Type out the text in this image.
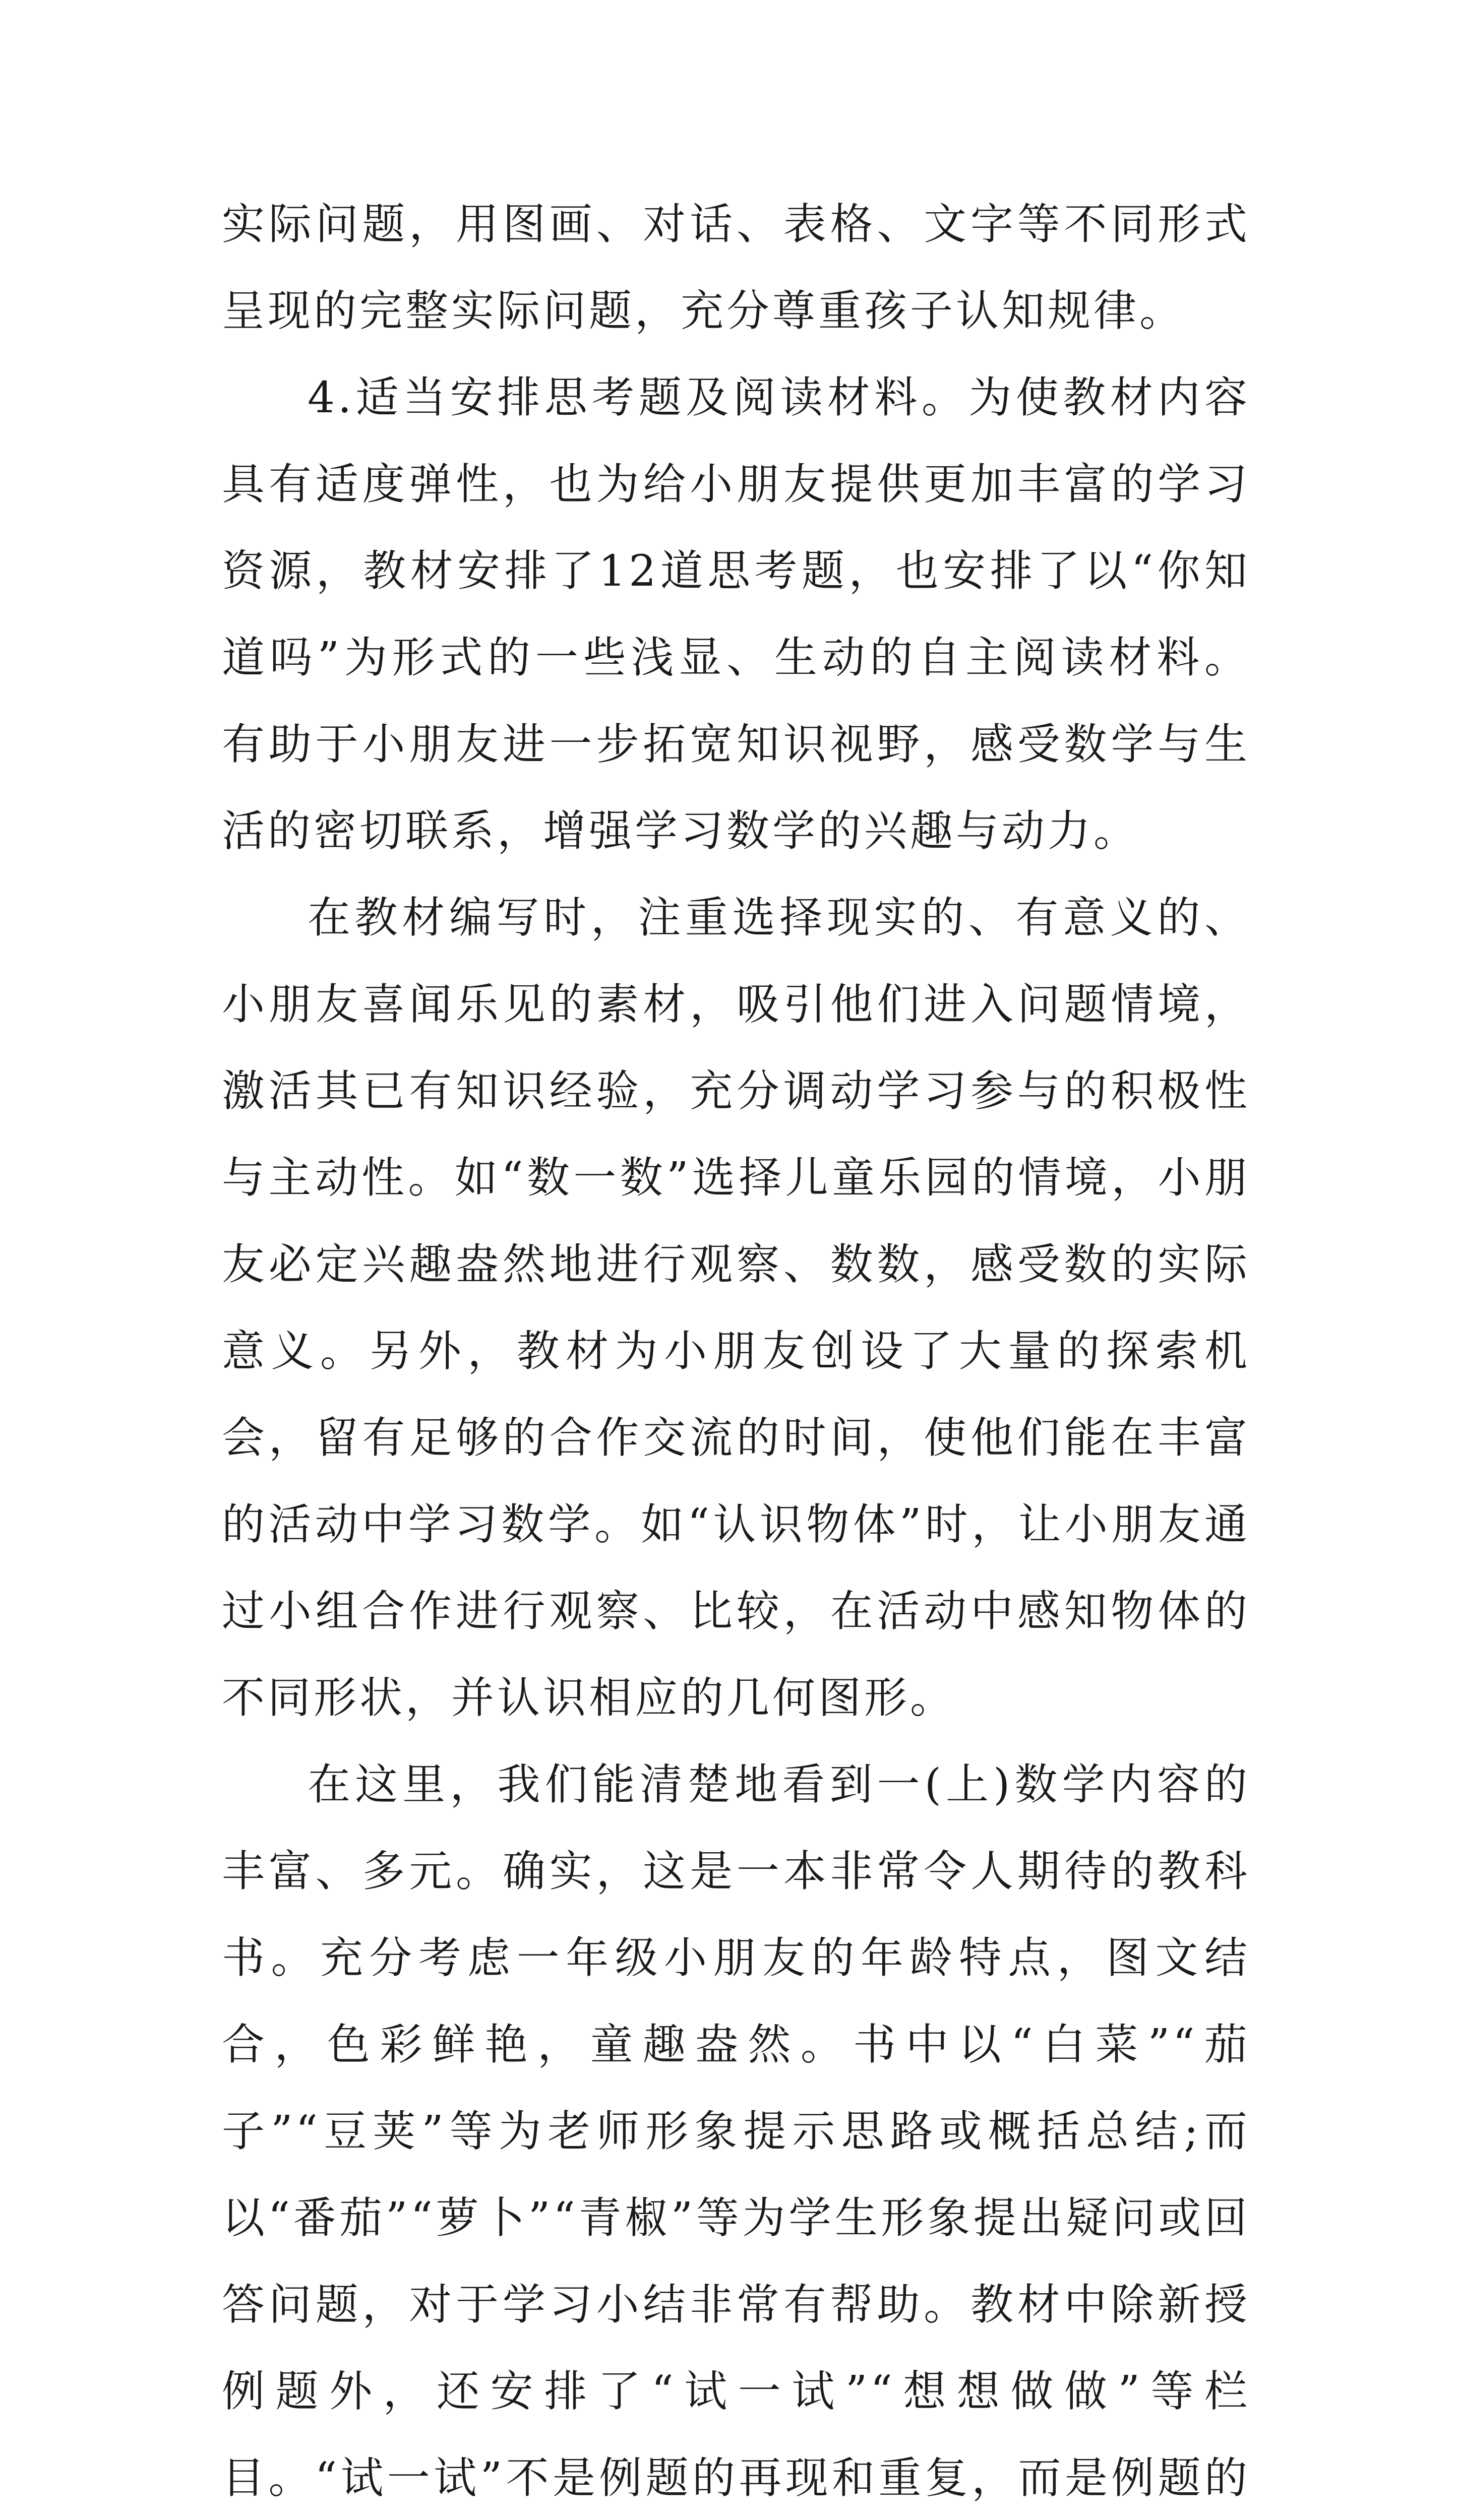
实际问题，用图画、对话、表格、文字等不同形式呈现的完整实际问题，充分尊重孩子认知规律。

4.适当安排思考题及阅读材料。为使教材内容具有适度弹性，也为给小朋友提供更加丰富的学习资源，教材安排了12道思考题，也安排了以“你知道吗”为形式的一些浅显、生动的自主阅读材料。有助于小朋友进一步拓宽知识视野，感受数学与生活的密切联系，增强学习数学的兴趣与动力。

在教材编写时，注重选择现实的、有意义的、小朋友喜闻乐见的素材，吸引他们进入问题情境，激活其已有知识经验，充分调动学习参与的积极性与主动性。如“数一数”选择儿童乐园的情境，小朋友必定兴趣盎然地进行观察、数数，感受数的实际意义。另外，教材为小朋友创设了大量的探索机会，留有足够的合作交流的时间，使他们能在丰富的活动中学习数学。如“认识物体”时，让小朋友通过小组合作进行观察、比较，在活动中感知物体的不同形状，并认识相应的几何图形。

在这里，我们能清楚地看到一(上)数学内容的丰富、多元。确实，这是一本非常令人期待的教科书。充分考虑一年级小朋友的年龄特点，图文结合，色彩鲜艳，童趣盎然。书中以“白菜”“茄子”“豆荚”等为老师形象提示思路或概括总结;而以“番茄”“萝卜”“青椒”等为学生形象提出疑问或回答问题，对于学习小结非常有帮助。教材中除新授例题外，还安排了“试一试”“想想做做”等栏目。“试一试”不是例题的再现和重复，而是例题的
